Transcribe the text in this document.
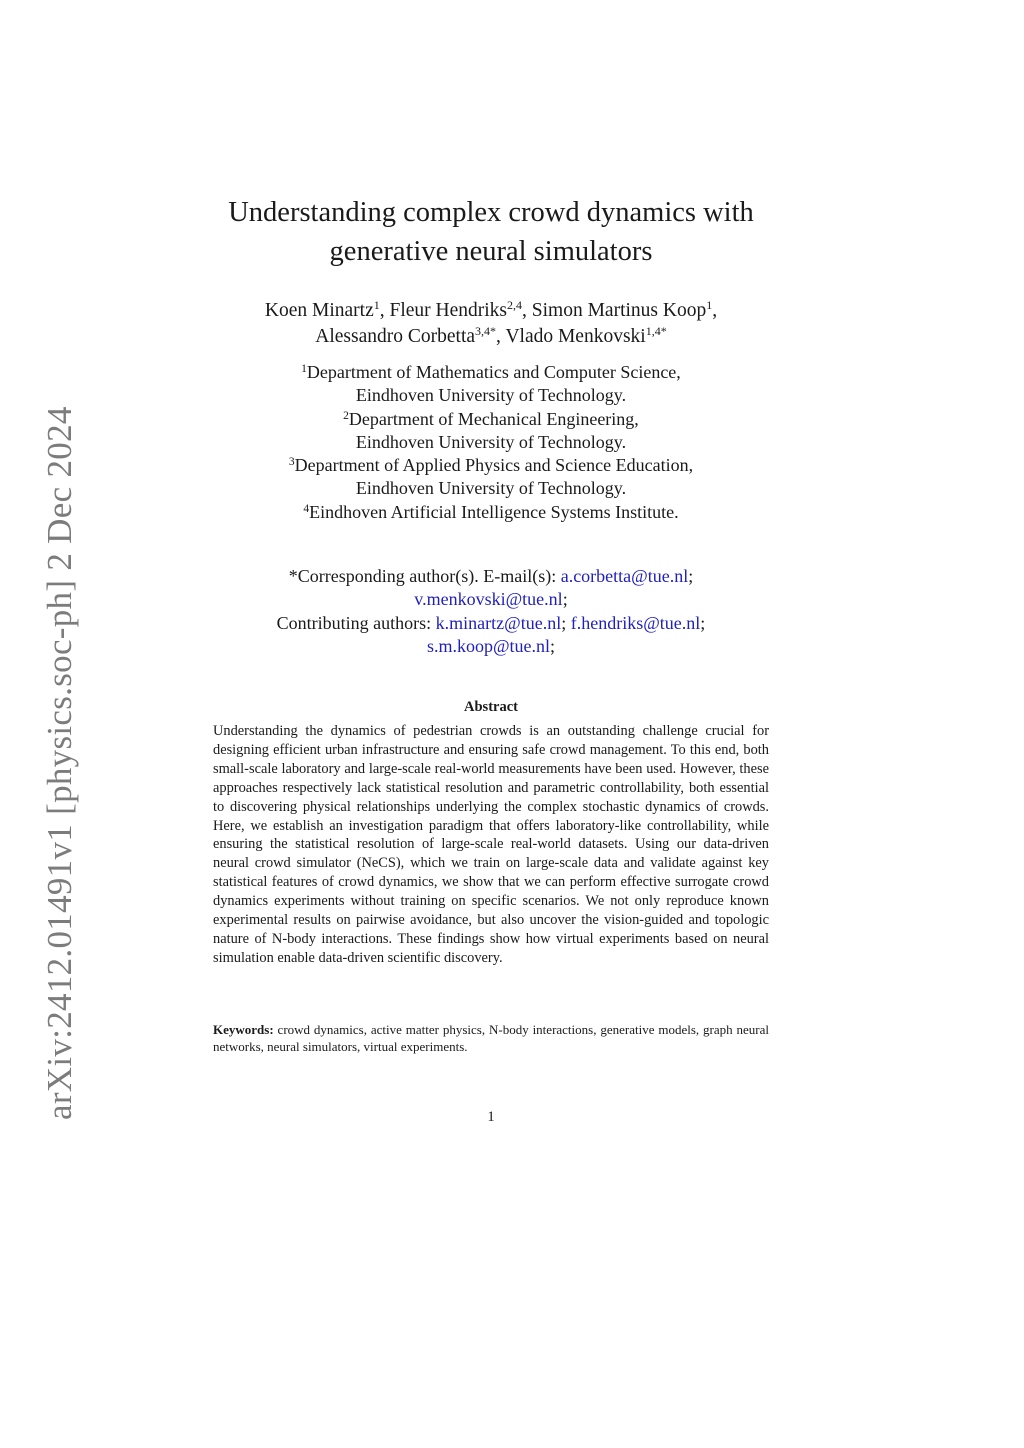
arXiv:2412.01491v1 [physics.soc-ph] 2 Dec 2024
Understanding complex crowd dynamics with
generative neural simulators

Koen Minartz$^1$, Fleur Hendriks$^{2,4}$, Simon Martinus Koop$^1$,
Alessandro Corbetta$^{3,4*}$, Vlado Menkovski$^{1,4*}$

$^1$Department of Mathematics and Computer Science,
Eindhoven University of Technology.
$^2$Department of Mechanical Engineering,
Eindhoven University of Technology.
$^3$Department of Applied Physics and Science Education,
Eindhoven University of Technology.
$^4$Eindhoven Artificial Intelligence Systems Institute.
*Corresponding author(s). E-mail(s): a.corbetta@tue.nl;
v.menkovski@tue.nl;
Contributing authors: k.minartz@tue.nl; f.hendriks@tue.nl;
s.m.koop@tue.nl;
Abstract

Understanding the dynamics of pedestrian crowds is an outstanding challenge crucial for designing efficient urban infrastructure and ensuring safe crowd management. To this end, both small-scale laboratory and large-scale real-world measurements have been used. However, these approaches respectively lack statistical resolution and parametric controllability, both essential to discovering physical relationships underlying the complex stochastic dynamics of crowds. Here, we establish an investigation paradigm that offers laboratory-like controllability, while ensuring the statistical resolution of large-scale real-world datasets. Using our data-driven neural crowd simulator (NeCS), which we train on large-scale data and validate against key statistical features of crowd dynamics, we show that we can perform effective surrogate crowd dynamics experiments without training on specific scenarios. We not only reproduce known experimental results on pairwise avoidance, but also uncover the vision-guided and topologic nature of N-body interactions. These findings show how virtual experiments based on neural simulation enable data-driven scientific discovery.

Keywords: crowd dynamics, active matter physics, N-body interactions, generative models, graph neural networks, neural simulators, virtual experiments.

1
